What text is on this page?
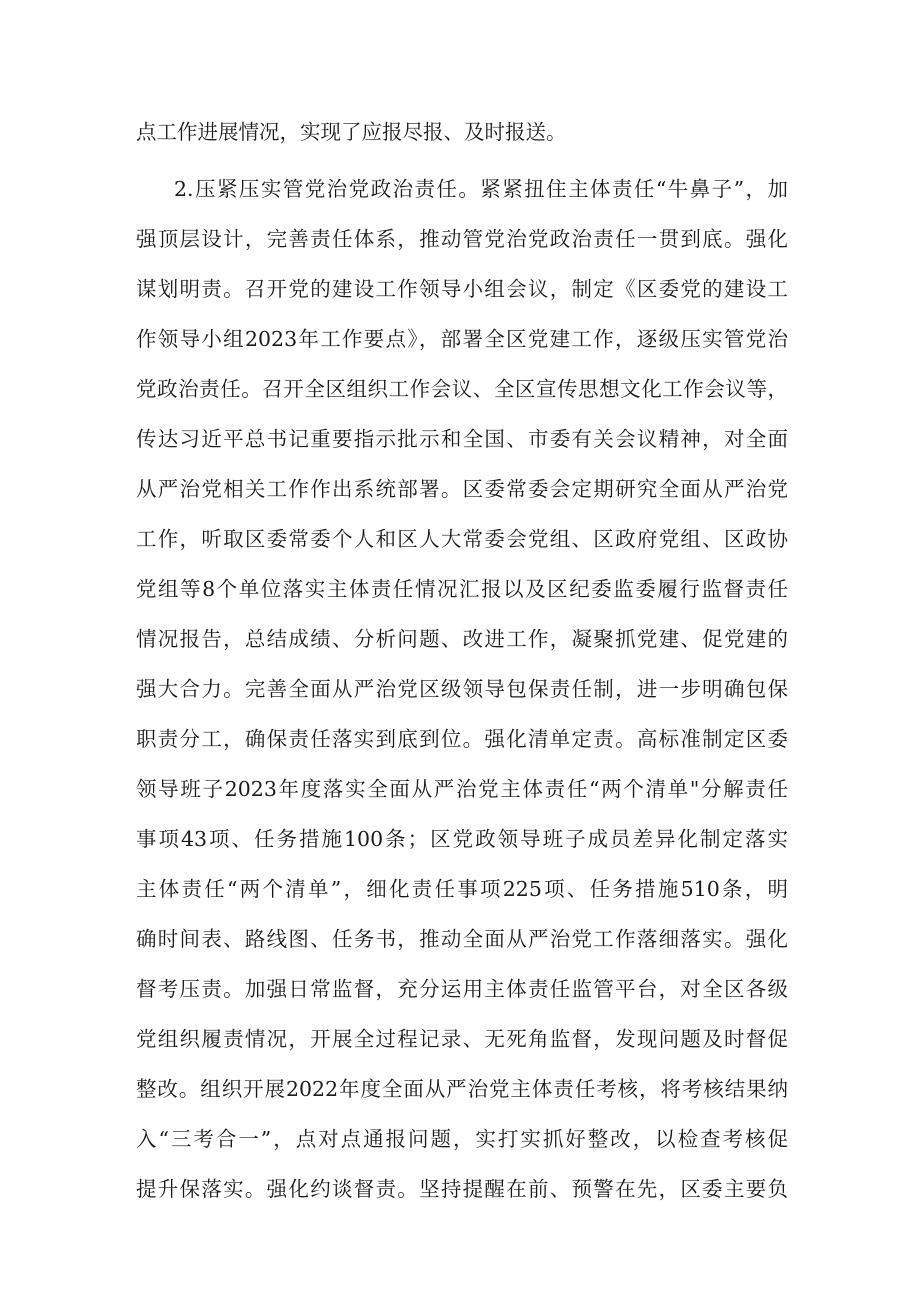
点工作进展情况，实现了应报尽报、及时报送。
2.压紧压实管党治党政治责任。紧紧扭住主体责任“牛鼻子”，加
强顶层设计，完善责任体系，推动管党治党政治责任一贯到底。强化
谋划明责。召开党的建设工作领导小组会议，制定《区委党的建设工
作领导小组2023年工作要点》，部署全区党建工作，逐级压实管党治
党政治责任。召开全区组织工作会议、全区宣传思想文化工作会议等，
传达习近平总书记重要指示批示和全国、市委有关会议精神，对全面
从严治党相关工作作出系统部署。区委常委会定期研究全面从严治党
工作，听取区委常委个人和区人大常委会党组、区政府党组、区政协
党组等8个单位落实主体责任情况汇报以及区纪委监委履行监督责任
情况报告，总结成绩、分析问题、改进工作，凝聚抓党建、促党建的
强大合力。完善全面从严治党区级领导包保责任制，进一步明确包保
职责分工，确保责任落实到底到位。强化清单定责。高标准制定区委
领导班子2023年度落实全面从严治党主体责任“两个清单"分解责任
事项43项、任务措施100条；区党政领导班子成员差异化制定落实
主体责任“两个清单”，细化责任事项225项、任务措施510条，明
确时间表、路线图、任务书，推动全面从严治党工作落细落实。强化
督考压责。加强日常监督，充分运用主体责任监管平台，对全区各级
党组织履责情况，开展全过程记录、无死角监督，发现问题及时督促
整改。组织开展2022年度全面从严治党主体责任考核，将考核结果纳
入“三考合一”，点对点通报问题，实打实抓好整改，以检查考核促
提升保落实。强化约谈督责。坚持提醒在前、预警在先，区委主要负
